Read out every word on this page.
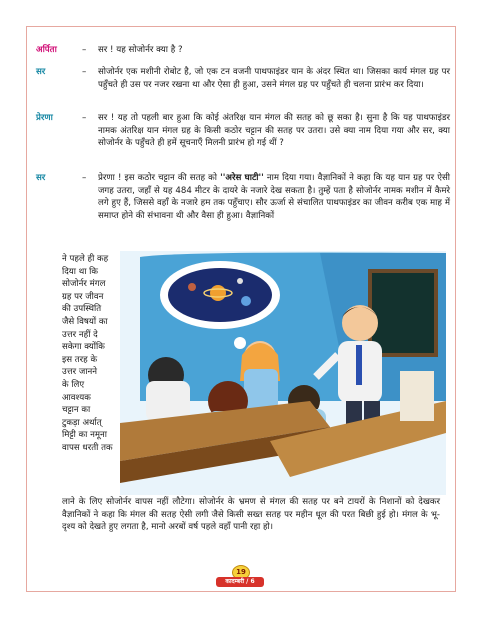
अर्पिता	–	सर ! यह सोजोर्नर क्या है ?
सर	–	सोजोर्नर एक मशीनी रोबोट है, जो एक टन वजनी पाथफाइंडर यान के अंदर स्थित था। जिसका कार्य मंगल ग्रह पर पहुँचते ही उस पर नजर रखना था और ऐसा ही हुआ, उसने मंगल ग्रह पर पहुँचते ही चलना प्रारंभ कर दिया।
प्रेरणा	–	सर ! यह तो पहली बार हुआ कि कोई अंतरिक्ष यान मंगल की सतह को छू सका है। सुना है कि यह पाथफाइंडर नामक अंतरिक्ष यान मंगल ग्रह के किसी कठोर चट्टान की सतह पर उतरा। उसे क्या नाम दिया गया और सर, क्या सोजोर्नर के पहुँचते ही हमें सूचनाएँ मिलनी प्रारंभ हो गई थीं ?
सर	–	प्रेरणा ! इस कठोर चट्टान की सतह को ''अरेस घाटी'' नाम दिया गया। वैज्ञानिकों ने कहा कि यह यान ग्रह पर ऐसी जगह उतरा, जहाँ से यह 484 मीटर के दायरे के नजारे देख सकता है। तुम्हें पता है सोजोर्नर नामक मशीन में कैमरे लगे हुए हैं, जिससे वहाँ के नजारे हम तक पहुँचाए। सौर ऊर्जा से संचालित पाथफाइंडर का जीवन करीब एक माह में समाप्त होने की संभावना थी और वैसा ही हुआ। वैज्ञानिकों
ने पहले ही कह
दिया था कि
सोजोर्नर मंगल
ग्रह पर जीवन
की उपस्थिति
जैसे विषयों का
उत्तर नहीं दे
सकेगा क्योंकि
इस तरह के
उत्तर जानने
के लिए
आवश्यक
चट्टान का
टुकड़ा अर्थात्
मिट्टी का नमूना
वापस धरती तक
लाने के लिए सोजोर्नर वापस नहीं लौटेगा। सोजोर्नर के भ्रमण से मंगल की सतह पर बने टायरों के निशानों को देखकर वैज्ञानिकों ने कहा कि मंगल की सतह ऐसी लगी जैसे किसी सख्त सतह पर महीन धूल की परत बिछी हुई हो। मंगल के भू-दृश्य को देखते हुए लगता है, मानो अरबों वर्ष पहले वहाँ पानी रहा हो।
19
कादम्बरी / 6
